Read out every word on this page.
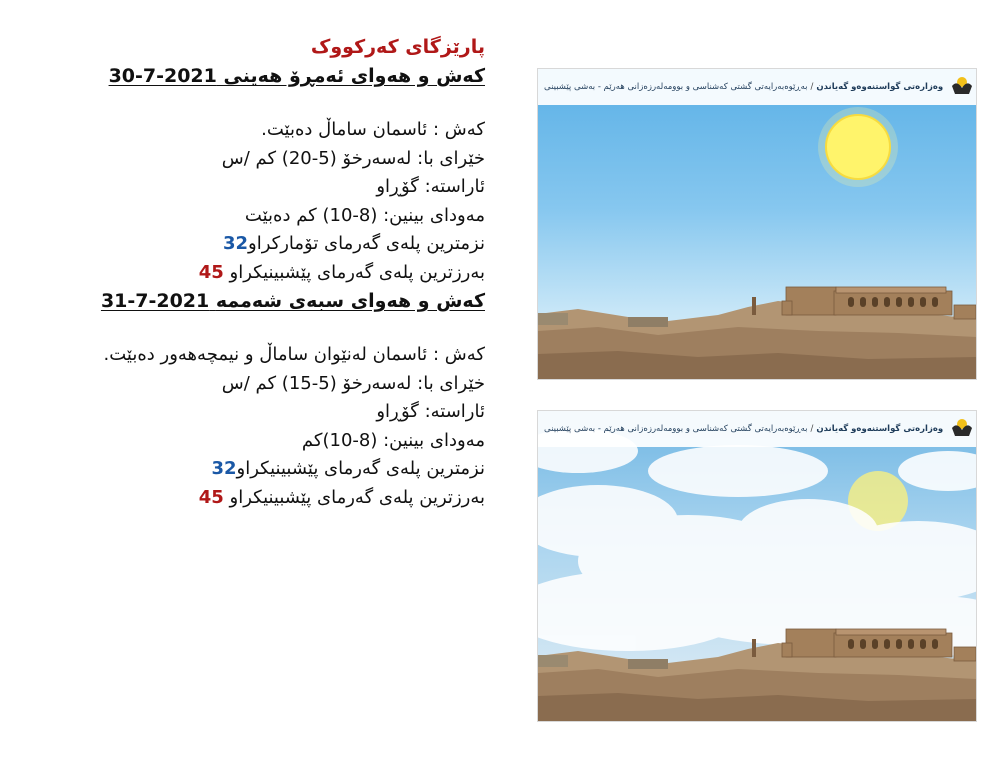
پارێزگای کەرکووک
کەش و هەوای ئەمڕۆ هەینی 30-7-2021
کەش : ئاسمان ساماڵ دەبێت.
خێرای با: لەسەرخۆ (5-20) کم /س
ئاراستە: گۆڕاو
مەودای بینین: (8-10) کم دەبێت
نزمترین پلەی گەرمای تۆمارکراو32
بەرزترین پلەی گەرمای پێشبینیکراو 45
کەش و هەوای سبەی شەممە 31-7-2021
کەش : ئاسمان لەنێوان ساماڵ و نیمچەهەور دەبێت.
خێرای با: لەسەرخۆ (5-15) کم /س
ئاراستە: گۆڕاو
مەودای بینین: (8-10)کم
نزمترین پلەی گەرمای پێشبینیکراو32
بەرزترین پلەی گەرمای پێشبینیکراو 45
وەزارەتی گواستنەوەو گەیاندن / بەڕێوەبەرایەتی گشتی کەشناسی و بوومەلەرزەزانی هەرێم - بەشی پێشبینی
وەزارەتی گواستنەوەو گەیاندن / بەڕێوەبەرایەتی گشتی کەشناسی و بوومەلەرزەزانی هەرێم - بەشی پێشبینی
